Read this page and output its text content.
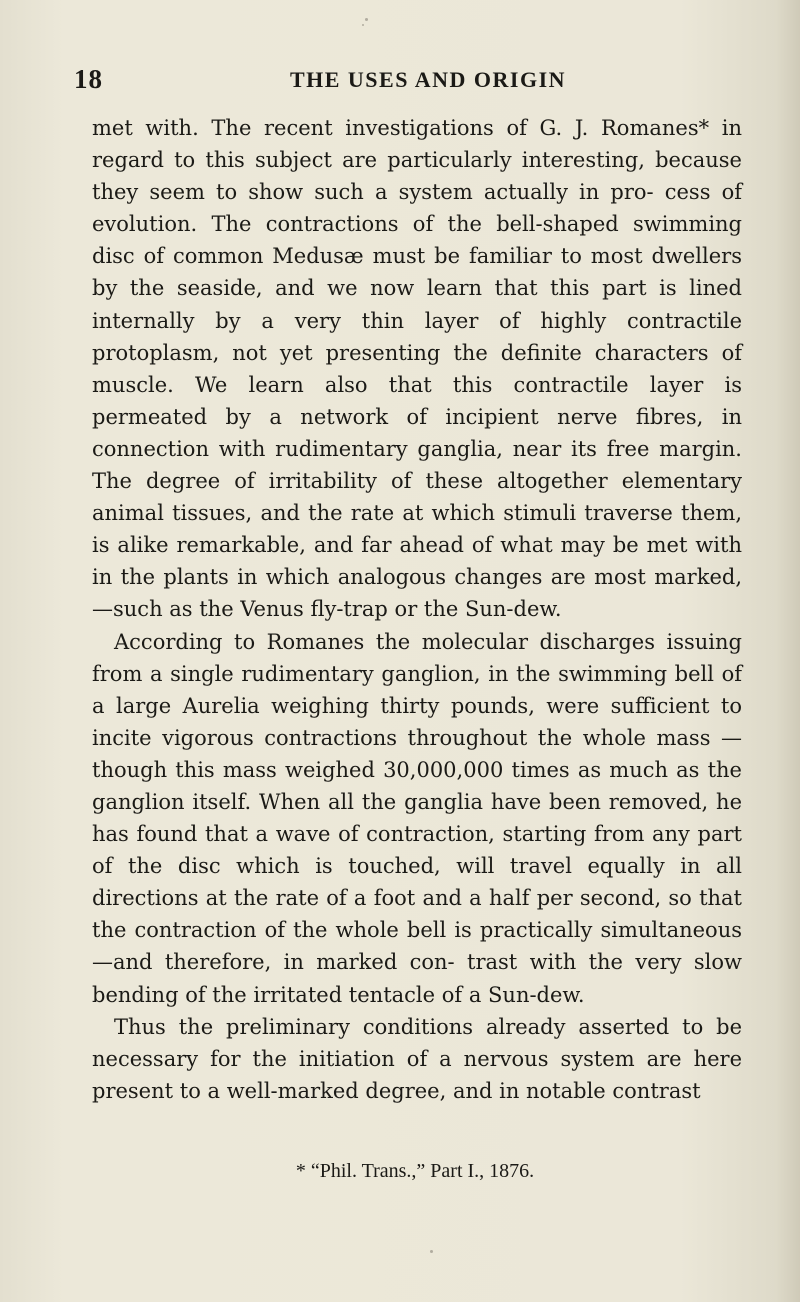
18	THE USES AND ORIGIN

met with. The recent investigations of G. J. Romanes* in regard to this subject are particularly interesting, because they seem to show such a system actually in pro- cess of evolution. The contractions of the bell-shaped swimming disc of common Medusæ must be familiar to most dwellers by the seaside, and we now learn that this part is lined internally by a very thin layer of highly contractile protoplasm, not yet presenting the definite characters of muscle. We learn also that this contractile layer is permeated by a network of incipient nerve fibres, in connection with rudimentary ganglia, near its free margin. The degree of irritability of these altogether elementary animal tissues, and the rate at which stimuli traverse them, is alike remarkable, and far ahead of what may be met with in the plants in which analogous changes are most marked,—such as the Venus fly-trap or the Sun-dew.

According to Romanes the molecular discharges issuing from a single rudimentary ganglion, in the swimming bell of a large Aurelia weighing thirty pounds, were sufficient to incite vigorous contractions throughout the whole mass —though this mass weighed 30,000,000 times as much as the ganglion itself. When all the ganglia have been removed, he has found that a wave of contraction, starting from any part of the disc which is touched, will travel equally in all directions at the rate of a foot and a half per second, so that the contraction of the whole bell is practically simultaneous—and therefore, in marked con- trast with the very slow bending of the irritated tentacle of a Sun-dew.

Thus the preliminary conditions already asserted to be necessary for the initiation of a nervous system are here present to a well-marked degree, and in notable contrast

* “Phil. Trans.,” Part I., 1876.
